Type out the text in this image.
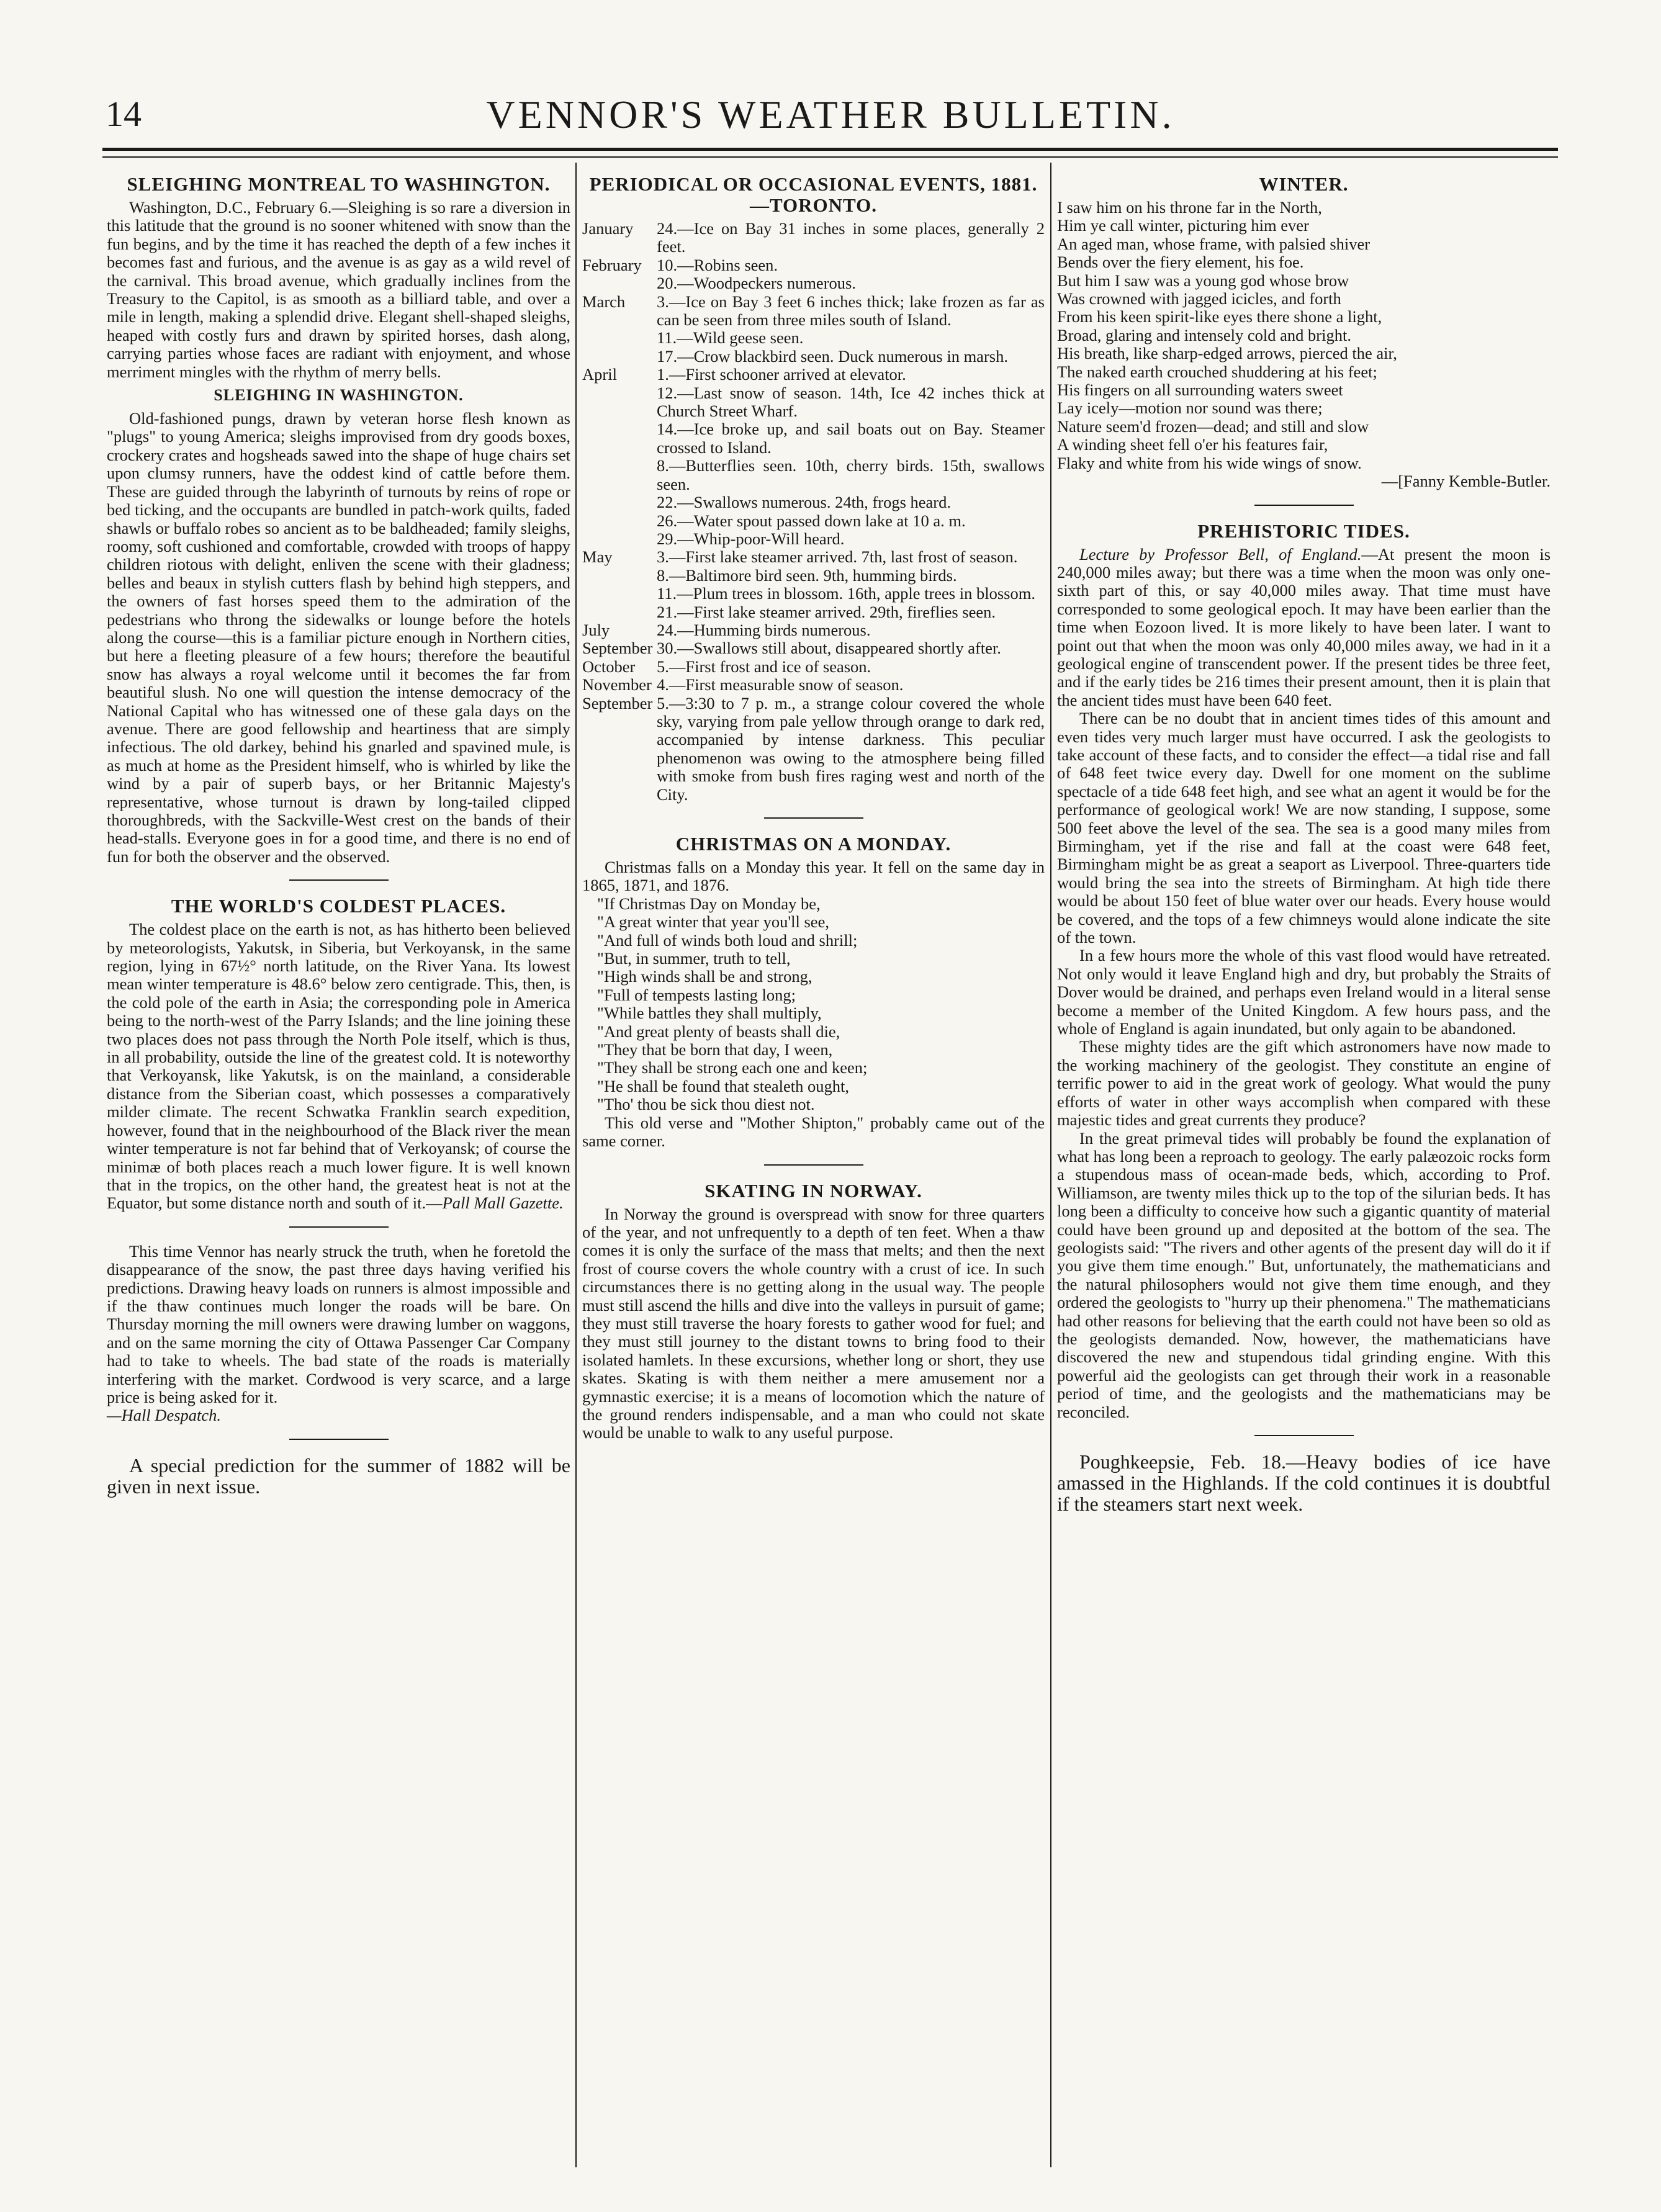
14	VENNOR'S WEATHER BULLETIN.
SLEIGHING MONTREAL TO WASHINGTON.

Washington, D.C., February 6.—Sleighing is so rare a diversion in this latitude that the ground is no sooner whitened with snow than the fun begins, and by the time it has reached the depth of a few inches it becomes fast and furious, and the avenue is as gay as a wild revel of the carnival. This broad avenue, which gradually inclines from the Treasury to the Capitol, is as smooth as a billiard table, and over a mile in length, making a splendid drive. Elegant shell-shaped sleighs, heaped with costly furs and drawn by spirited horses, dash along, carrying parties whose faces are radiant with enjoyment, and whose merriment mingles with the rhythm of merry bells.

SLEIGHING IN WASHINGTON.

Old-fashioned pungs, drawn by veteran horse flesh known as "plugs" to young America; sleighs improvised from dry goods boxes, crockery crates and hogsheads sawed into the shape of huge chairs set upon clumsy runners, have the oddest kind of cattle before them. These are guided through the labyrinth of turnouts by reins of rope or bed ticking, and the occupants are bundled in patch-work quilts, faded shawls or buffalo robes so ancient as to be baldheaded; family sleighs, roomy, soft cushioned and comfortable, crowded with troops of happy children riotous with delight, enliven the scene with their gladness; belles and beaux in stylish cutters flash by behind high steppers, and the owners of fast horses speed them to the admiration of the pedestrians who throng the sidewalks or lounge before the hotels along the course—this is a familiar picture enough in Northern cities, but here a fleeting pleasure of a few hours; therefore the beautiful snow has always a royal welcome until it becomes the far from beautiful slush. No one will question the intense democracy of the National Capital who has witnessed one of these gala days on the avenue. There are good fellowship and heartiness that are simply infectious. The old darkey, behind his gnarled and spavined mule, is as much at home as the President himself, who is whirled by like the wind by a pair of superb bays, or her Britannic Majesty's representative, whose turnout is drawn by long-tailed clipped thoroughbreds, with the Sackville-West crest on the bands of their head-stalls. Everyone goes in for a good time, and there is no end of fun for both the observer and the observed.

THE WORLD'S COLDEST PLACES.

The coldest place on the earth is not, as has hitherto been believed by meteorologists, Yakutsk, in Siberia, but Verkoyansk, in the same region, lying in 67½° north latitude, on the River Yana. Its lowest mean winter temperature is 48.6° below zero centigrade. This, then, is the cold pole of the earth in Asia; the corresponding pole in America being to the north-west of the Parry Islands; and the line joining these two places does not pass through the North Pole itself, which is thus, in all probability, outside the line of the greatest cold. It is noteworthy that Verkoyansk, like Yakutsk, is on the mainland, a considerable distance from the Siberian coast, which possesses a comparatively milder climate. The recent Schwatka Franklin search expedition, however, found that in the neighbourhood of the Black river the mean winter temperature is not far behind that of Verkoyansk; of course the minimæ of both places reach a much lower figure. It is well known that in the tropics, on the other hand, the greatest heat is not at the Equator, but some distance north and south of it.—Pall Mall Gazette.

This time Vennor has nearly struck the truth, when he foretold the disappearance of the snow, the past three days having verified his predictions. Drawing heavy loads on runners is almost impossible and if the thaw continues much longer the roads will be bare. On Thursday morning the mill owners were drawing lumber on waggons, and on the same morning the city of Ottawa Passenger Car Company had to take to wheels. The bad state of the roads is materially interfering with the market. Cordwood is very scarce, and a large price is being asked for it.
—Hall Despatch.

A special prediction for the summer of 1882 will be given in next issue.

PERIODICAL OR OCCASIONAL EVENTS, 1881.—TORONTO.
January	24.—Ice on Bay 31 inches in some places, generally 2 feet.
February 10.—Robins seen.
20.—Woodpeckers numerous.
March	3.—Ice on Bay 3 feet 6 inches thick; lake frozen as far as can be seen from three miles south of Island.
11.—Wild geese seen.
17.—Crow blackbird seen. Duck numerous in marsh.
April	1.—First schooner arrived at elevator.
12.—Last snow of season. 14th, Ice 42 inches thick at Church Street Wharf.
14.—Ice broke up, and sail boats out on Bay. Steamer crossed to Island.
8.—Butterflies seen. 10th, cherry birds. 15th, swallows seen.
22.—Swallows numerous. 24th, frogs heard.
26.—Water spout passed down lake at 10 a. m.
29.—Whip-poor-Will heard.
May	3.—First lake steamer arrived. 7th, last frost of season.
8.—Baltimore bird seen. 9th, humming birds.
11.—Plum trees in blossom. 16th, apple trees in blossom.
21.—First lake steamer arrived. 29th, fireflies seen.
July	24.—Humming birds numerous.
September 30.—Swallows still about, disappeared shortly after.
October	5.—First frost and ice of season.
November 4.—First measurable snow of season.
September 5.—3:30 to 7 p. m., a strange colour covered the whole sky, varying from pale yellow through orange to dark red, accompanied by intense darkness. This peculiar phenomenon was owing to the atmosphere being filled with smoke from bush fires raging west and north of the City.
CHRISTMAS ON A MONDAY.

Christmas falls on a Monday this year. It fell on the same day in 1865, 1871, and 1876.

"If Christmas Day on Monday be,
"A great winter that year you'll see,
"And full of winds both loud and shrill;
"But, in summer, truth to tell,
"High winds shall be and strong,
"Full of tempests lasting long;
"While battles they shall multiply,
"And great plenty of beasts shall die,
"They that be born that day, I ween,
"They shall be strong each one and keen;
"He shall be found that stealeth ought,
"Tho' thou be sick thou diest not.

This old verse and "Mother Shipton," probably came out of the same corner.

SKATING IN NORWAY.

In Norway the ground is overspread with snow for three quarters of the year, and not unfrequently to a depth of ten feet. When a thaw comes it is only the surface of the mass that melts; and then the next frost of course covers the whole country with a crust of ice. In such circumstances there is no getting along in the usual way. The people must still ascend the hills and dive into the valleys in pursuit of game; they must still traverse the hoary forests to gather wood for fuel; and they must still journey to the distant towns to bring food to their isolated hamlets. In these excursions, whether long or short, they use skates. Skating is with them neither a mere amusement nor a gymnastic exercise; it is a means of locomotion which the nature of the ground renders indispensable, and a man who could not skate would be unable to walk to any useful purpose.

WINTER.
I saw him on his throne far in the North,
Him ye call winter, picturing him ever
An aged man, whose frame, with palsied shiver
Bends over the fiery element, his foe.
But him I saw was a young god whose brow
Was crowned with jagged icicles, and forth
From his keen spirit-like eyes there shone a light,
Broad, glaring and intensely cold and bright.
His breath, like sharp-edged arrows, pierced the air,
The naked earth crouched shuddering at his feet;
His fingers on all surrounding waters sweet
Lay icely—motion nor sound was there;
Nature seem'd frozen—dead; and still and slow
A winding sheet fell o'er his features fair,
Flaky and white from his wide wings of snow.

—[Fanny Kemble-Butler.

PREHISTORIC TIDES.

Lecture by Professor Bell, of England.—At present the moon is 240,000 miles away; but there was a time when the moon was only one-sixth part of this, or say 40,000 miles away. That time must have corresponded to some geological epoch. It may have been earlier than the time when Eozoon lived. It is more likely to have been later. I want to point out that when the moon was only 40,000 miles away, we had in it a geological engine of transcendent power. If the present tides be three feet, and if the early tides be 216 times their present amount, then it is plain that the ancient tides must have been 640 feet.

There can be no doubt that in ancient times tides of this amount and even tides very much larger must have occurred. I ask the geologists to take account of these facts, and to consider the effect—a tidal rise and fall of 648 feet twice every day. Dwell for one moment on the sublime spectacle of a tide 648 feet high, and see what an agent it would be for the performance of geological work! We are now standing, I suppose, some 500 feet above the level of the sea. The sea is a good many miles from Birmingham, yet if the rise and fall at the coast were 648 feet, Birmingham might be as great a seaport as Liverpool. Three-quarters tide would bring the sea into the streets of Birmingham. At high tide there would be about 150 feet of blue water over our heads. Every house would be covered, and the tops of a few chimneys would alone indicate the site of the town.

In a few hours more the whole of this vast flood would have retreated. Not only would it leave England high and dry, but probably the Straits of Dover would be drained, and perhaps even Ireland would in a literal sense become a member of the United Kingdom. A few hours pass, and the whole of England is again inundated, but only again to be abandoned.

These mighty tides are the gift which astronomers have now made to the working machinery of the geologist. They constitute an engine of terrific power to aid in the great work of geology. What would the puny efforts of water in other ways accomplish when compared with these majestic tides and great currents they produce?

In the great primeval tides will probably be found the explanation of what has long been a reproach to geology. The early palæozoic rocks form a stupendous mass of ocean-made beds, which, according to Prof. Williamson, are twenty miles thick up to the top of the silurian beds. It has long been a difficulty to conceive how such a gigantic quantity of material could have been ground up and deposited at the bottom of the sea. The geologists said: "The rivers and other agents of the present day will do it if you give them time enough." But, unfortunately, the mathematicians and the natural philosophers would not give them time enough, and they ordered the geologists to "hurry up their phenomena." The mathematicians had other reasons for believing that the earth could not have been so old as the geologists demanded. Now, however, the mathematicians have discovered the new and stupendous tidal grinding engine. With this powerful aid the geologists can get through their work in a reasonable period of time, and the geologists and the mathematicians may be reconciled.

Poughkeepsie, Feb. 18.—Heavy bodies of ice have amassed in the Highlands. If the cold continues it is doubtful if the steamers start next week.
